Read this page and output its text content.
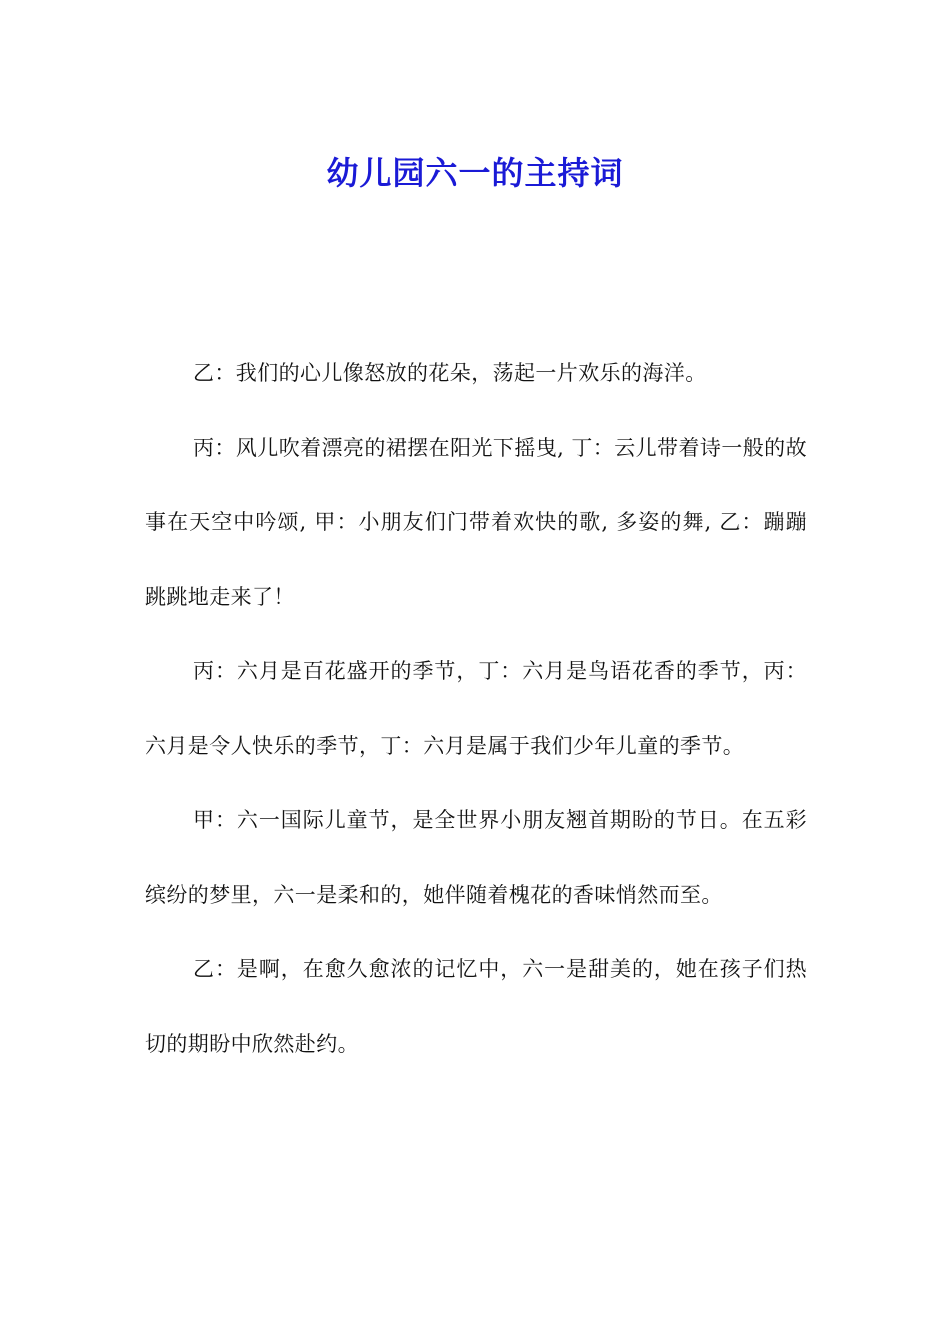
幼儿园六一的主持词

乙：我们的心儿像怒放的花朵，荡起一片欢乐的海洋。

丙：风儿吹着漂亮的裙摆在阳光下摇曳, 丁：云儿带着诗一般的故事在天空中吟颂, 甲：小朋友们门带着欢快的歌, 多姿的舞, 乙：蹦蹦跳跳地走来了！

丙：六月是百花盛开的季节，丁：六月是鸟语花香的季节，丙：六月是令人快乐的季节，丁：六月是属于我们少年儿童的季节。

甲：六一国际儿童节，是全世界小朋友翘首期盼的节日。在五彩缤纷的梦里，六一是柔和的，她伴随着槐花的香味悄然而至。

乙：是啊，在愈久愈浓的记忆中，六一是甜美的，她在孩子们热切的期盼中欣然赴约。
